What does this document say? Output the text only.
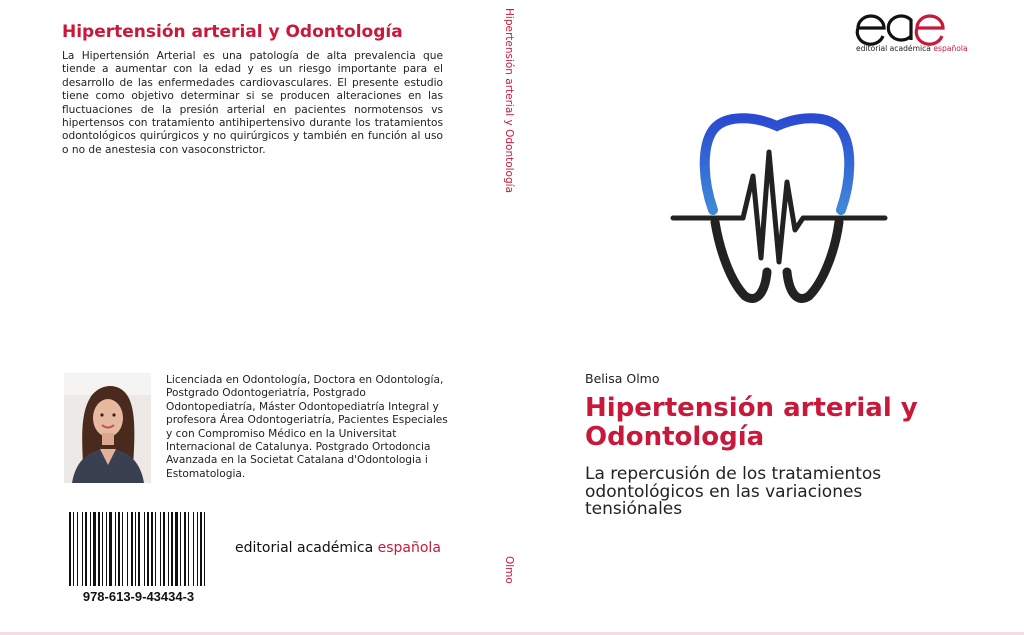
Hipertensión arterial y Odontología
La Hipertensión Arterial es una patología de alta prevalencia que tiende a aumentar con la edad y es un riesgo importante para el desarrollo de las enfermedades cardiovasculares. El presente estudio tiene como objetivo determinar si se producen alteraciones en las fluctuaciones de la presión arterial en pacientes normotensos vs hipertensos con tratamiento antihipertensivo durante los tratamientos odontológicos quirúrgicos y no quirúrgicos y también en función al uso o no de anestesia con vasoconstrictor.
Licenciada en Odontología, Doctora en Odontología, Postgrado Odontogeriatría, Postgrado Odontopediatría, Máster Odontopediatría Integral y profesora Área Odontogeriatría, Pacientes Especiales y con Compromiso Médico en la Universitat Internacional de Catalunya. Postgrado Ortodoncia Avanzada en la Societat Catalana d'Odontologia i Estomatologia.
978-613-9-43434-3
editorial académica española
Hipertensión arterial y Odontología
Olmo
editorial académica española
Belisa Olmo
Hipertensión arterial y Odontología
La repercusión de los tratamientos odontológicos en las variaciones tensiónales
